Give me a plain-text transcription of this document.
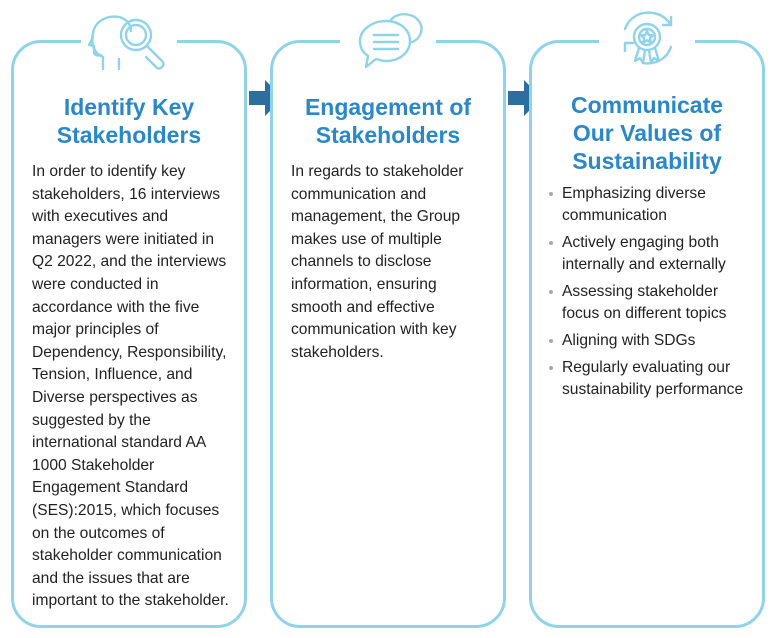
Identify Key
Stakeholders

In order to identify key stakeholders, 16 interviews with executives and managers were initiated in Q2 2022, and the interviews were conducted in accordance with the five major principles of Dependency, Responsibility, Tension, Influence, and Diverse perspectives as suggested by the international standard AA 1000 Stakeholder Engagement Standard (SES):2015, which focuses on the outcomes of stakeholder communication and the issues that are important to the stakeholder.

Engagement of
Stakeholders

In regards to stakeholder communication and management, the Group makes use of multiple channels to disclose information, ensuring smooth and effective communication with key stakeholders.

Communicate
Our Values of
Sustainability
Emphasizing diverse communication
Actively engaging both internally and externally
Assessing stakeholder focus on different topics
Aligning with SDGs
Regularly evaluating our sustainability performance
